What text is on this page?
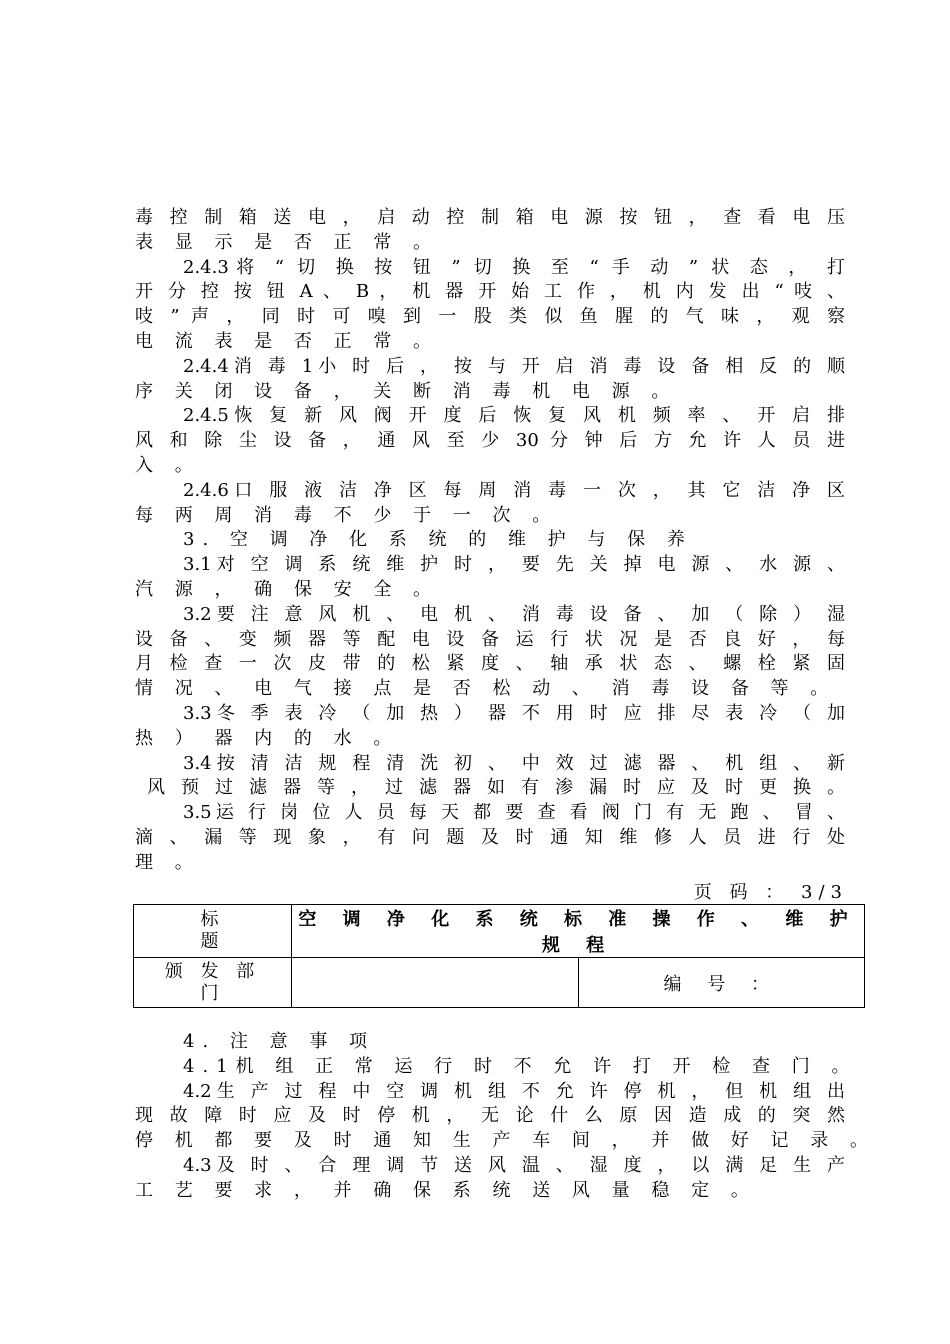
毒 控 制 箱 送 电 ， 启 动 控 制 箱 电 源 按 钮 ， 查 看 电 压
表 显 示 是 否 正 常 。
2.4.3将 “ 切 换 按 钮 ” 切 换 至 “ 手 动 ” 状 态 ， 打
开 分 控 按 钮 A 、 B ， 机 器 开 始 工 作 ， 机 内 发 出 “ 吱 、
吱 ” 声 ， 同 时 可 嗅 到 一 股 类 似 鱼 腥 的 气 味 ， 观 察
电 流 表 是 否 正 常 。
2.4.4消 毒 1小 时 后 ， 按 与 开 启 消 毒 设 备 相 反 的 顺
序 关 闭 设 备 ， 关 断 消 毒 机 电 源 。
2.4.5恢 复 新 风 阀 开 度 后 恢 复 风 机 频 率 、 开 启 排
风 和 除 尘 设 备 ， 通 风 至 少 30 分 钟 后 方 允 许 人 员 进
入 。
2.4.6口 服 液 洁 净 区 每 周 消 毒 一 次 ， 其 它 洁 净 区
每 两 周 消 毒 不 少 于 一 次 。
3. 空 调 净 化 系 统 的 维 护 与 保 养
3.1对 空 调 系 统 维 护 时 ， 要 先 关 掉 电 源 、 水 源 、
汽 源 ， 确 保 安 全 。
3.2要 注 意 风 机 、 电 机 、 消 毒 设 备 、 加 （ 除 ） 湿
设 备 、 变 频 器 等 配 电 设 备 运 行 状 况 是 否 良 好 ， 每
月 检 查 一 次 皮 带 的 松 紧 度 、 轴 承 状 态 、 螺 栓 紧 固
情 况 、 电 气 接 点 是 否 松 动 、 消 毒 设 备 等 。
3.3冬 季 表 冷 （ 加 热 ） 器 不 用 时 应 排 尽 表 冷 （ 加
热 ） 器 内 的 水 。
3.4按 清 洁 规 程 清 洗 初 、 中 效 过 滤 器 、 机 组 、 新
风 预 过 滤 器 等 ， 过 滤 器 如 有 渗 漏 时 应 及 时 更 换 。
3.5运 行 岗 位 人 员 每 天 都 要 查 看 阀 门 有 无 跑 、 冒 、
滴 、 漏 等 现 象 ， 有 问 题 及 时 通 知 维 修 人 员 进 行 处
理 。
页 码 ： 3/3
标题	空 调 净 化 系 统 标 准 操 作 、 维 护 规 程	
颁 发 部门		编 号 ：
4. 注 意 事 项
4.1机 组 正 常 运 行 时 不 允 许 打 开 检 查 门 。
4.2生 产 过 程 中 空 调 机 组 不 允 许 停 机 ， 但 机 组 出
现 故 障 时 应 及 时 停 机 ， 无 论 什 么 原 因 造 成 的 突 然
停 机 都 要 及 时 通 知 生 产 车 间 ， 并 做 好 记 录 。
4.3及 时 、 合 理 调 节 送 风 温 、 湿 度 ， 以 满 足 生 产
工 艺 要 求 ， 并 确 保 系 统 送 风 量 稳 定 。
